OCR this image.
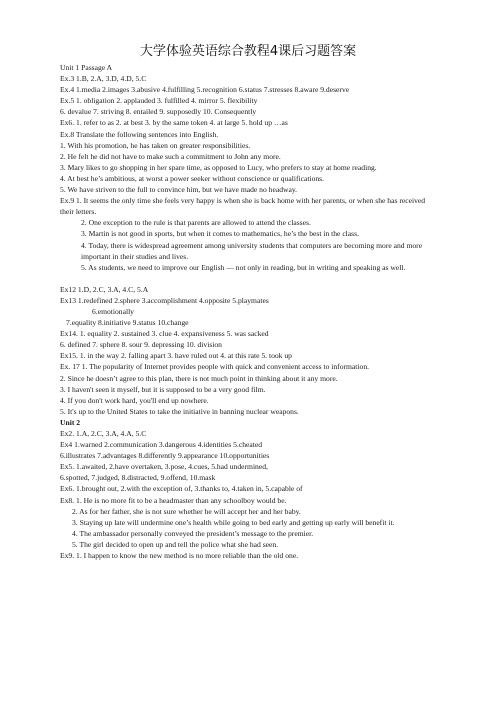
大学体验英语综合教程4课后习题答案
Unit 1 Passage A
Ex.3 1.B, 2.A, 3.D, 4.D, 5.C
Ex.4 1.media 2.images 3.abusive 4.fulfilling 5.recognition 6.status 7.stresses 8.aware 9.deserve
Ex.5 1. obligation 2. applauded 3. fulfilled 4. mirror 5. flexibility
6. devalue 7. striving 8. entailed 9. supposedly 10. Consequently
Ex6. 1. refer to as 2. at best 3. by the same token 4. at large 5. hold up …as
Ex.8 Translate the following sentences into English.
1. With his promotion, he has taken on greater responsibilities.
2. He felt he did not have to make such a commitment to John any more.
3. Mary likes to go shopping in her spare time, as opposed to Lucy, who prefers to stay at home reading.
4. At best he’s ambitious, at worst a power seeker without conscience or qualifications.
5. We have striven to the full to convince him, but we have made no headway.
Ex.9 1. It seems the only time she feels very happy is when she is back home with her parents, or when she has received their letters.
2. One exception to the rule is that parents are allowed to attend the classes.
3. Martin is not good in sports, but when it comes to mathematics, he’s the best in the class.
4. Today, there is widespread agreement among university students that computers are becoming more and more important in their studies and lives.
5. As students, we need to improve our English — not only in reading, but in writing and speaking as well.
Ex12 1.D, 2.C, 3.A, 4.C, 5.A
Ex13 1.redefined 2.sphere 3.accomplishment 4.opposite 5.playmates
6.emotionally
7.equality 8.initiative 9.status 10.change
Ex14. 1. equality 2. sustained 3. clue 4. expansiveness 5. was sacked
6. defined 7. sphere 8. sour 9. depressing 10. division
Ex15. 1. in the way 2. falling apart 3. have ruled out 4. at this rate 5. took up
Ex. 17 1. The popularity of Internet provides people with quick and convenient access to information.
2. Since he doesn’t agree to this plan, there is not much point in thinking about it any more.
3. I haven't seen it myself, but it is supposed to be a very good film.
4. If you don't work hard, you'll end up nowhere.
5. It's up to the United States to take the initiative in banning nuclear weapons.
Unit 2
Ex2. 1.A, 2.C, 3.A, 4.A, 5.C
Ex4 1.warned 2.communication 3.dangerous 4.identities 5.cheated
6.illustrates 7.advantages 8.differently 9.appearance 10.opportunities
Ex5. 1.awaited, 2.have overtaken, 3.pose, 4.cues, 5.had undermined,
6.spotted, 7.judged, 8.distracted, 9.offend, 10.mask
Ex6. 1.brought out, 2.with the exception of, 3.thanks to, 4.taken in, 5.capable of
Ex8. 1. He is no more fit to be a headmaster than any schoolboy would be.
2. As for her father, she is not sure whether he will accept her and her baby.
3. Staying up late will undermine one’s health while going to bed early and getting up early will benefit it.
4. The ambassador personally conveyed the president’s message to the premier.
5. The girl decided to open up and tell the police what she had seen.
Ex9. 1. I happen to know the new method is no more reliable than the old one.
